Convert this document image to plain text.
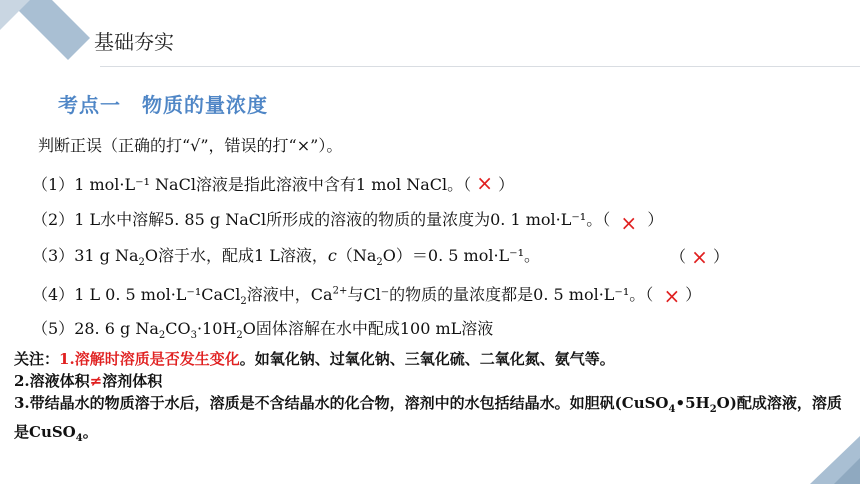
基础夯实
考点一　物质的量浓度
判断正误（正确的打“√”，错误的打“×”）。
（1）1 mol·L⁻¹ NaCl溶液是指此溶液中含有1 mol NaCl。（ × ）
（2）1 L水中溶解5. 85 g NaCl所形成的溶液的物质的量浓度为0. 1 mol·L⁻¹。（ × ）
（3）31 g $Na_2O$溶于水，配成1 L溶液，$c(Na_2O)=0$. 5 mol·L⁻¹。	（ × ）
（4）1 L 0. 5 mol·L⁻¹CaCl$_2$溶液中，$Ca^{2+}$与Cl⁻的物质的量浓度都是0. 5 mol·L⁻¹。（ × ）
（5）28. 6 g $Na_2CO_3\cdot 10H_2O$固体溶解在水中配成100 mL溶液
关注：1.溶解时溶质是否发生变化。如氧化钠、过氧化钠、三氧化硫、二氧化氮、氨气等。
2.溶液体积≠溶剂体积
3.带结晶水的物质溶于水后，溶质是不含结晶水的化合物，溶剂中的水包括结晶水。如胆矾$(CuSO_4•5H_2O)$配成溶液，溶质是CuSO$_4$。
